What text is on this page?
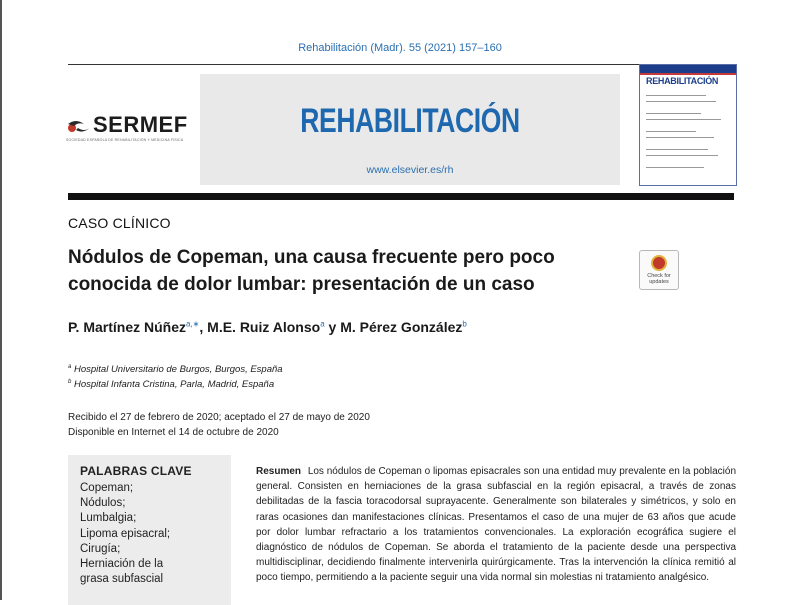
Rehabilitación (Madr). 55 (2021) 157–160
SERMEF
SOCIEDAD ESPAÑOLA DE REHABILITACIÓN Y MEDICINA FÍSICA	REHABILITACIÓN
www.elsevier.es/rh
REHABILITACIÓN
CASO CLÍNICO
Nódulos de Copeman, una causa frecuente pero poco conocida de dolor lumbar: presentación de un caso	Check for updates
P. Martínez Núñez$^{a,∗}$, M.E. Ruiz Alonso$^a$ y M. Pérez González$^b$
$^a$ Hospital Universitario de Burgos, Burgos, España
$^b$ Hospital Infanta Cristina, Parla, Madrid, España
Recibido el 27 de febrero de 2020; aceptado el 27 de mayo de 2020
Disponible en Internet el 14 de octubre de 2020
PALABRAS CLAVE
Copeman;
Nódulos;
Lumbalgia;
Lipoma episacral;
Cirugía;
Herniación de la
grasa subfascial
Resumen Los nódulos de Copeman o lipomas episacrales son una entidad muy prevalente en la población general. Consisten en herniaciones de la grasa subfascial en la región episacral, a través de zonas debilitadas de la fascia toracodorsal suprayacente. Generalmente son bilaterales y simétricos, y solo en raras ocasiones dan manifestaciones clínicas. Presentamos el caso de una mujer de 63 años que acude por dolor lumbar refractario a los tratamientos convencionales. La exploración ecográfica sugiere el diagnóstico de nódulos de Copeman. Se aborda el tratamiento de la paciente desde una perspectiva multidisciplinar, decidiendo finalmente intervenirla quirúrgicamente. Tras la intervención la clínica remitió al poco tiempo, permitiendo a la paciente seguir una vida normal sin molestias ni tratamiento analgésico.
